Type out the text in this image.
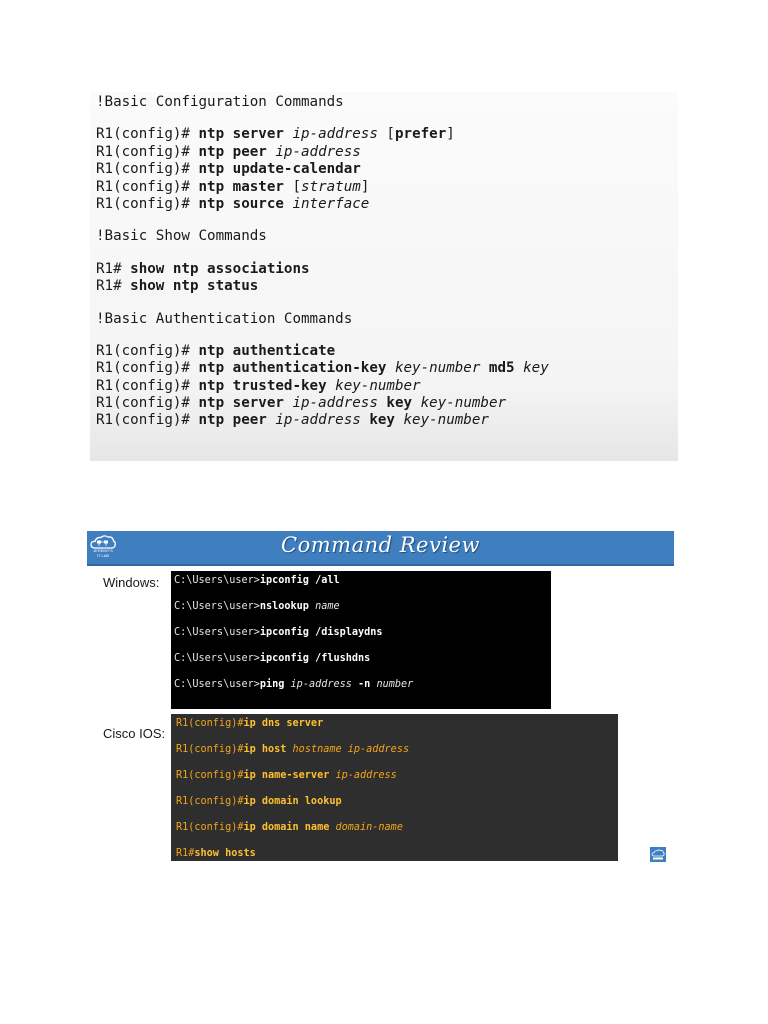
!Basic Configuration Commands
R1(config)# ntp server ip-address [prefer]
R1(config)# ntp peer ip-address
R1(config)# ntp update-calendar
R1(config)# ntp master [stratum]
R1(config)# ntp source interface
!Basic Show Commands
R1# show ntp associations
R1# show ntp status
!Basic Authentication Commands
R1(config)# ntp authenticate
R1(config)# ntp authentication-key key-number md5 key
R1(config)# ntp trusted-key key-number
R1(config)# ntp server ip-address key key-number
R1(config)# ntp peer ip-address key key-number
JEREMY'S
IT LAB	Command Review
Windows: C:\Users\user>ipconfig /all
C:\Users\user>nslookup name
C:\Users\user>ipconfig /displaydns
C:\Users\user>ipconfig /flushdns
C:\Users\user>ping ip-address -n number
Cisco IOS:
R1(config)#ip dns server
R1(config)#ip host hostname ip-address
R1(config)#ip name-server ip-address
R1(config)#ip domain lookup
R1(config)#ip domain name domain-name
R1#show hosts
